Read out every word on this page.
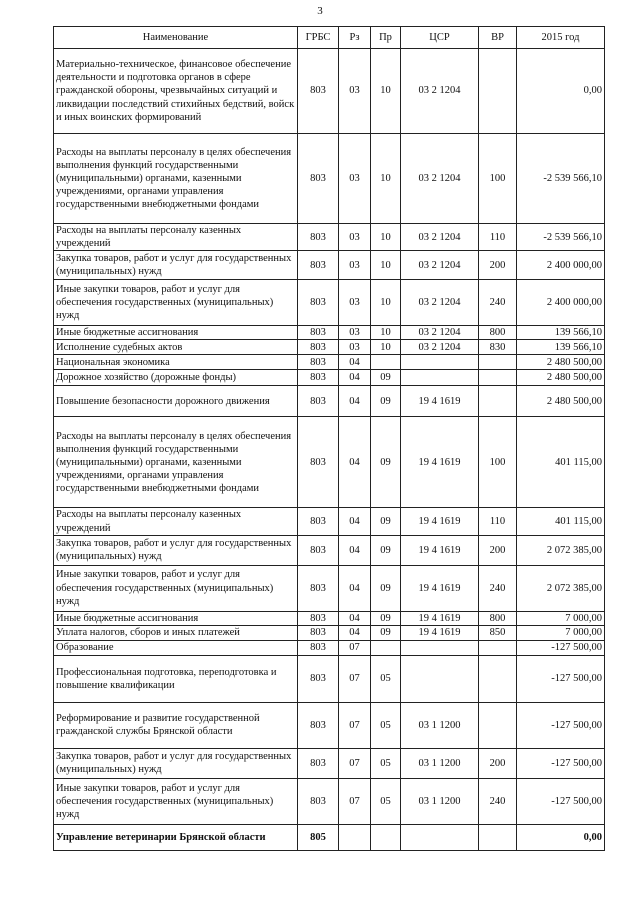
3
Наименование	ГРБС	Рз	Пр	ЦСР	ВР	2015 год
Материально-техническое, финансовое обеспечение деятельности и подготовка органов в сфере гражданской обороны, чрезвычайных ситуаций и ликвидации последствий стихийных бедствий, войск и иных воинских формирований	803	03	10	03 2 1204		0,00
Расходы на выплаты персоналу в целях обеспечения выполнения функций государственными (муниципальными) органами, казенными учреждениями, органами управления государственными внебюджетными фондами	803	03	10	03 2 1204	100	-2 539 566,10
Расходы на выплаты персоналу казенных учреждений	803	03	10	03 2 1204	110	-2 539 566,10
Закупка товаров, работ и услуг для государственных (муниципальных) нужд	803	03	10	03 2 1204	200	2 400 000,00
Иные закупки товаров, работ и услуг для обеспечения государственных (муниципальных) нужд	803	03	10	03 2 1204	240	2 400 000,00
Иные бюджетные ассигнования	803	03	10	03 2 1204	800	139 566,10
Исполнение судебных актов	803	03	10	03 2 1204	830	139 566,10
Национальная экономика	803	04				2 480 500,00
Дорожное хозяйство (дорожные фонды)	803	04	09			2 480 500,00
Повышение безопасности дорожного движения	803	04	09	19 4 1619		2 480 500,00
Расходы на выплаты персоналу в целях обеспечения выполнения функций государственными (муниципальными) органами, казенными учреждениями, органами управления государственными внебюджетными фондами	803	04	09	19 4 1619	100	401 115,00
Расходы на выплаты персоналу казенных учреждений	803	04	09	19 4 1619	110	401 115,00
Закупка товаров, работ и услуг для государственных (муниципальных) нужд	803	04	09	19 4 1619	200	2 072 385,00
Иные закупки товаров, работ и услуг для обеспечения государственных (муниципальных) нужд	803	04	09	19 4 1619	240	2 072 385,00
Иные бюджетные ассигнования	803	04	09	19 4 1619	800	7 000,00
Уплата налогов, сборов и иных платежей	803	04	09	19 4 1619	850	7 000,00
Образование	803	07				-127 500,00
Профессиональная подготовка, переподготовка и повышение квалификации	803	07	05			-127 500,00
Реформирование и развитие государственной гражданской службы Брянской области	803	07	05	03 1 1200		-127 500,00
Закупка товаров, работ и услуг для государственных (муниципальных) нужд	803	07	05	03 1 1200	200	-127 500,00
Иные закупки товаров, работ и услуг для обеспечения государственных (муниципальных) нужд	803	07	05	03 1 1200	240	-127 500,00
Управление ветеринарии Брянской области	805					0,00
